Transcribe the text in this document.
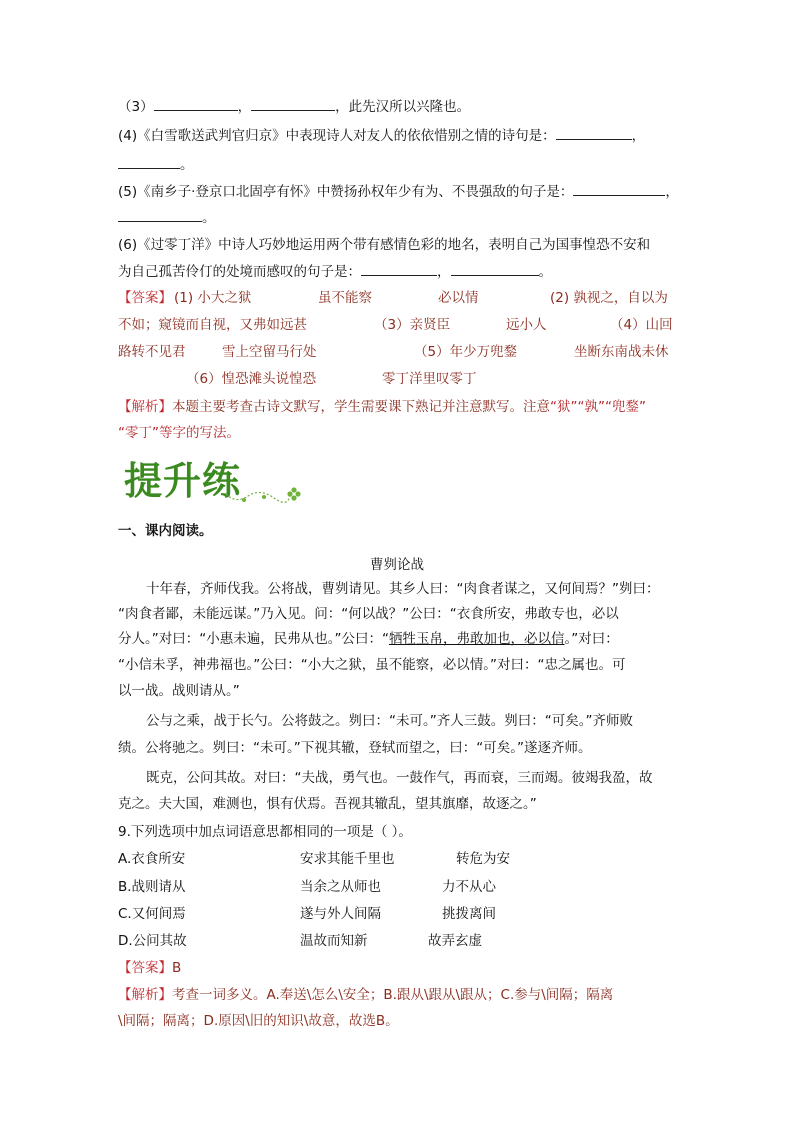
（3）	，	，此先汉所以兴隆也。
(4)《白雪歌送武判官归京》中表现诗人对友人的依依惜别之情的诗句是：	，
。
(5)《南乡子·登京口北固亭有怀》中赞扬孙权年少有为、不畏强敌的句子是：	，
。
(6)《过零丁洋》中诗人巧妙地运用两个带有感情色彩的地名，表明自己为国事惶恐不安和
为自己孤苦伶仃的处境而感叹的句子是：	，	。
【答案】 (1) 小大之狱	虽不能察	必以情	(2) 孰视之，自以为
不如；窥镜而自视，又弗如远甚	（3）亲贤臣	远小人	（4）山回
路转不见君	雪上空留马行处	（5）年少万兜鍪	坐断东南战未休
（6）惶恐滩头说惶恐	零丁洋里叹零丁
【解析】本题主要考查古诗文默写，学生需要课下熟记并注意默写。注意“狱”“孰”“兜鍪”
“零丁”等字的写法。
提升练
一、课内阅读。
曹刿论战
十年春，齐师伐我。公将战，曹刿请见。其乡人曰：“肉食者谋之，又何间焉？”刿曰：
“肉食者鄙，未能远谋。”乃入见。问：“何以战？”公曰：“衣食所安，弗敢专也，必以
分人。”对曰：“小惠未遍，民弗从也。”公曰：“牺牲玉帛，弗敢加也，必以信。”对曰：
“小信未孚，神弗福也。”公曰：“小大之狱，虽不能察，必以情。”对曰：“忠之属也。可
以一战。战则请从。”
公与之乘，战于长勺。公将鼓之。刿曰：“未可。”齐人三鼓。刿曰：“可矣。”齐师败
绩。公将驰之。刿曰：“未可。”下视其辙，登轼而望之，曰：“可矣。”遂逐齐师。
既克，公问其故。对曰：“夫战，勇气也。一鼓作气，再而衰，三而竭。彼竭我盈，故
克之。夫大国，难测也，惧有伏焉。吾视其辙乱，望其旗靡，故逐之。”
9.下列选项中加点词语意思都相同的一项是（ ）。
A.衣食所安	安求其能千里也	转危为安
B.战则请从	当余之从师也	力不从心
C.又何间焉	遂与外人间隔	挑拨离间
D.公问其故	温故而知新	故弄玄虚
【答案】B
【解析】考查一词多义。A.奉送\怎么\安全；B.跟从\跟从\跟从；C.参与\间隔；隔离
\间隔；隔离；D.原因\旧的知识\故意，故选B。
